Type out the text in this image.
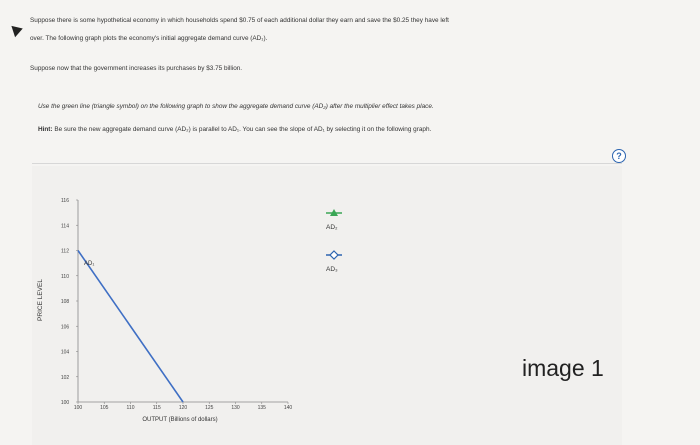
Suppose there is some hypothetical economy in which households spend $0.75 of each additional dollar they earn and save the $0.25 they have left
over. The following graph plots the economy's initial aggregate demand curve (AD₁).
Suppose now that the government increases its purchases by $3.75 billion.
Use the green line (triangle symbol) on the following graph to show the aggregate demand curve (AD₂) after the multiplier effect takes place.
Hint: Be sure the new aggregate demand curve (AD₂) is parallel to AD₁. You can see the slope of AD₁ by selecting it on the following graph.
?
PRICE LEVEL
OUTPUT (Billions of dollars)
116
114
112
110
108
106
104
102
100
100	105	110	115	120	125	130	135	140
AD₁
AD₂
AD₃
image 1
